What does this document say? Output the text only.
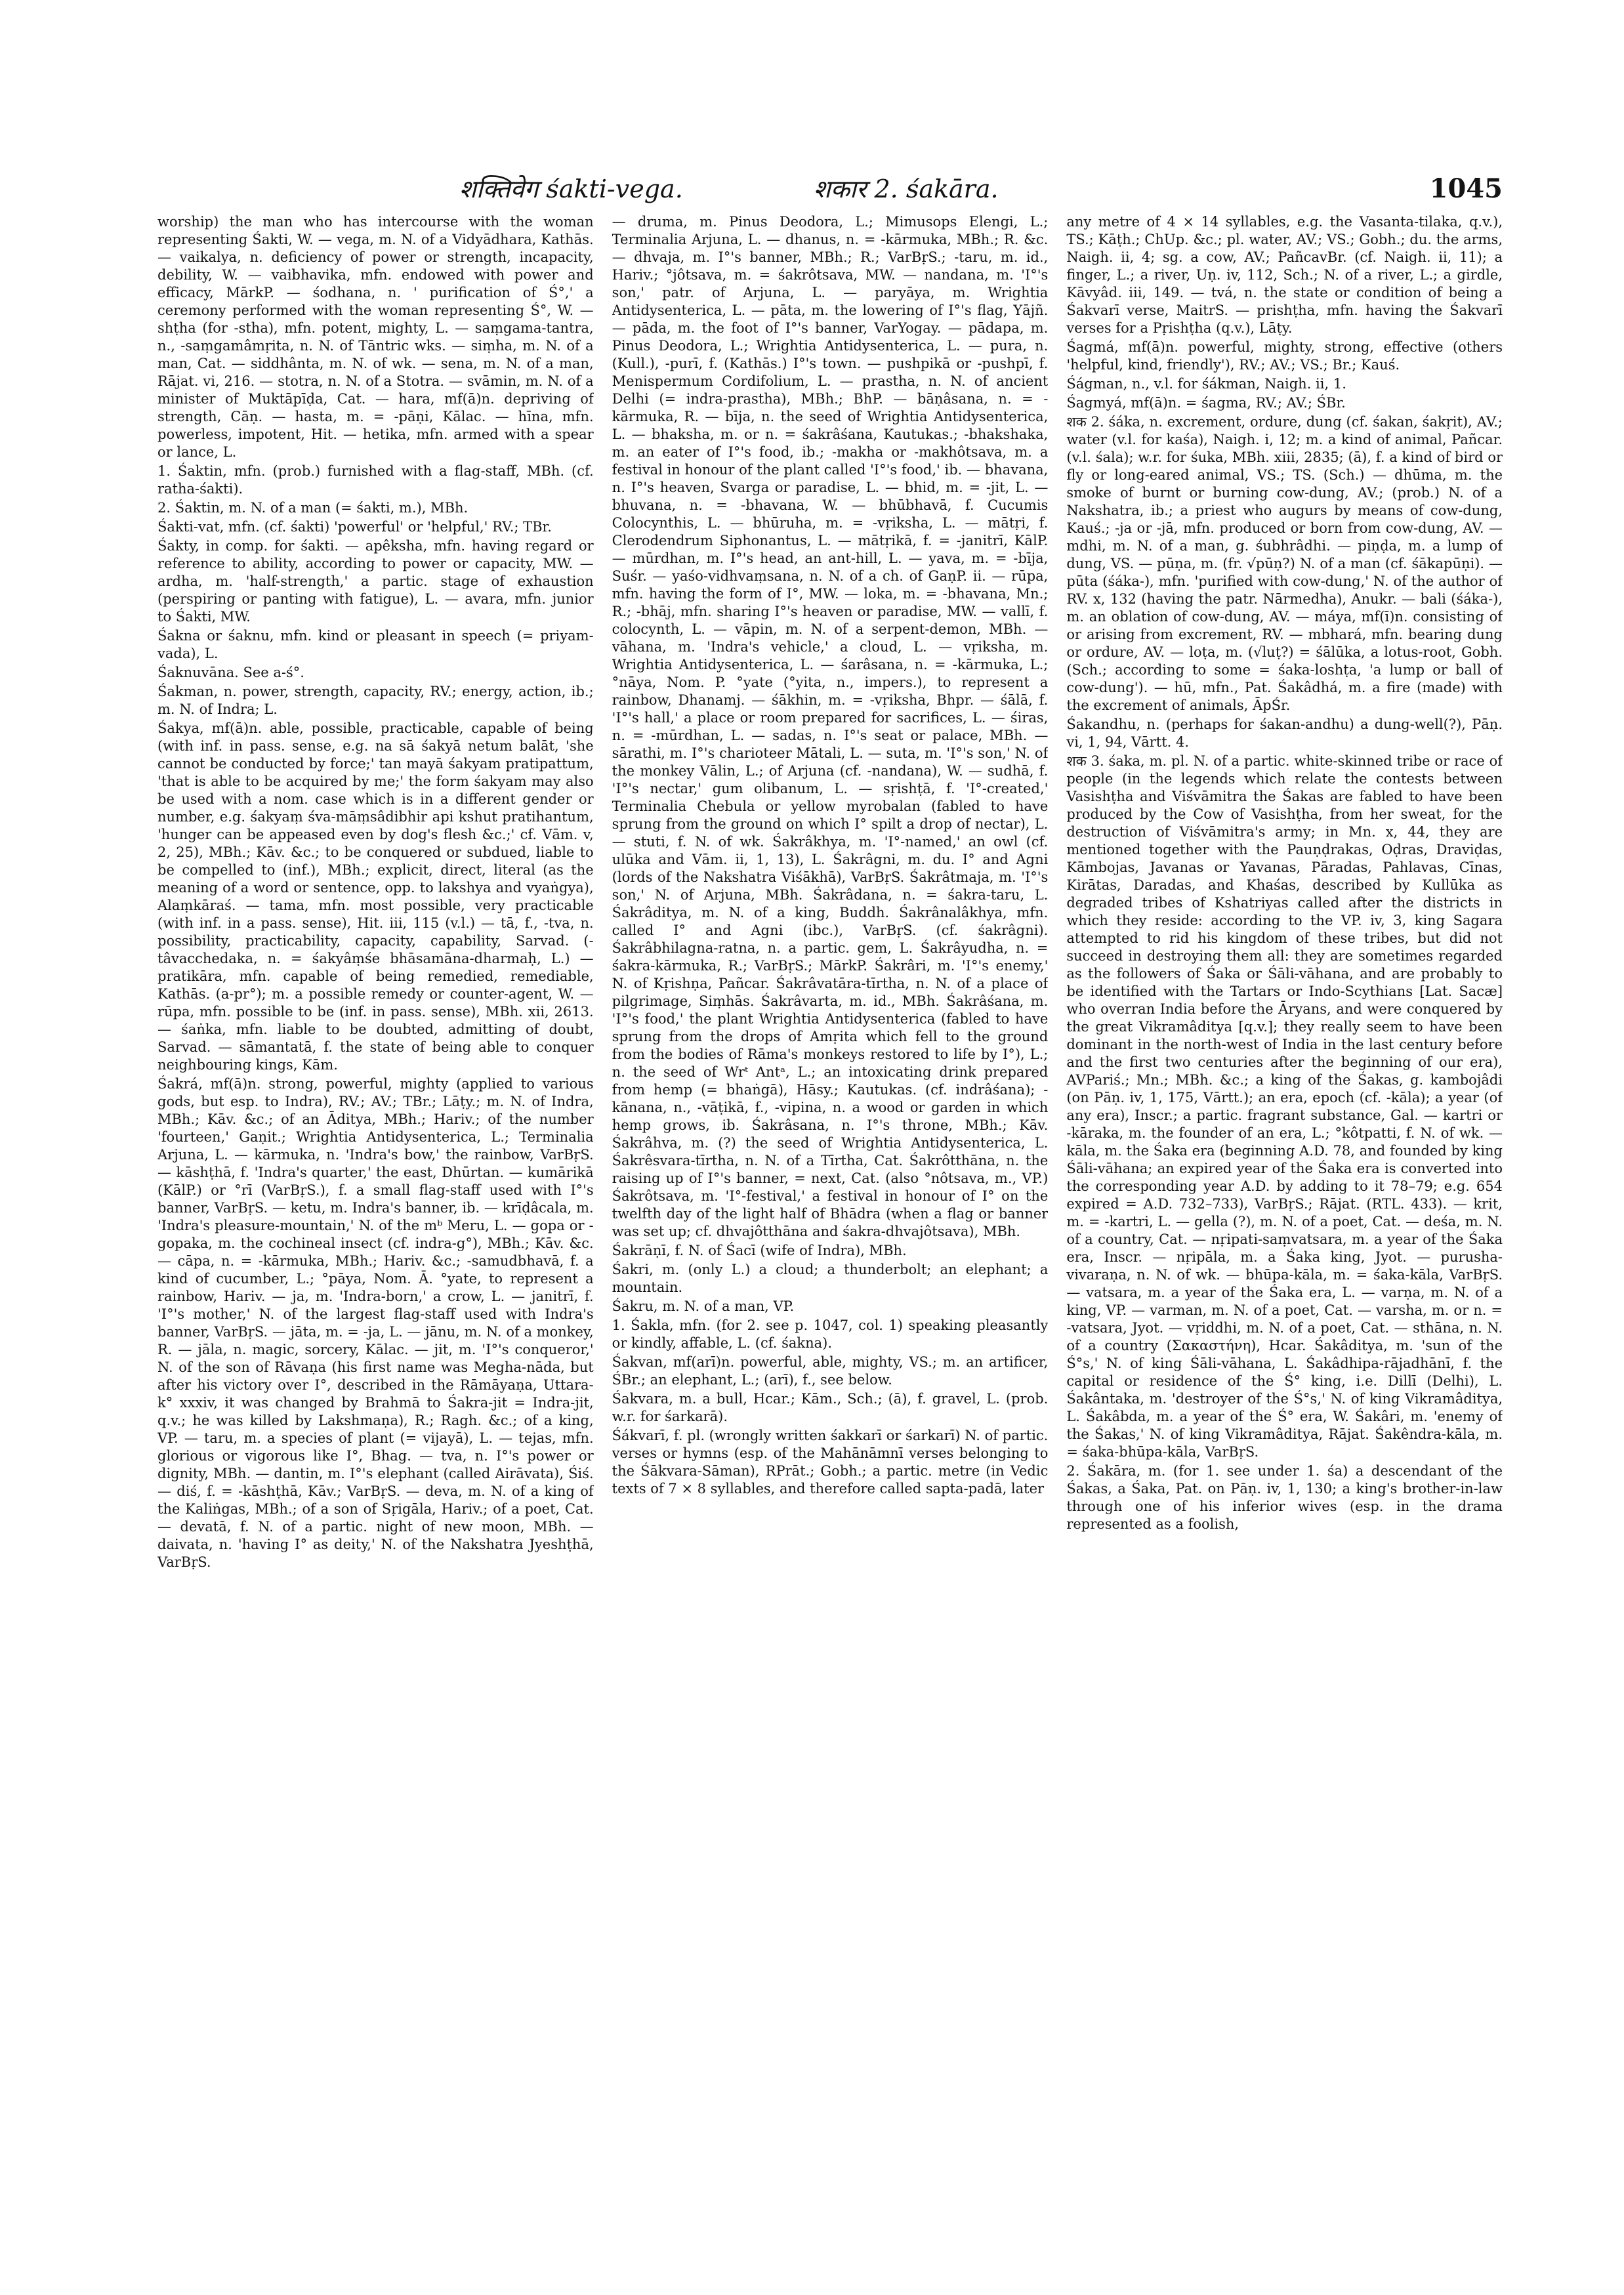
शक्तिवेग śakti-vega.	शकार 2. śakāra.	1045

worship) the man who has intercourse with the woman representing Śakti, W. — vega, m. N. of a Vidyādhara, Kathās. — vaikalya, n. deficiency of power or strength, incapacity, debility, W. — vaibhavika, mfn. endowed with power and efficacy, MārkP. — śodhana, n. ' purification of Ś°,' a ceremony performed with the woman representing Ś°, W. — shṭha (for -stha), mfn. potent, mighty, L. — saṃgama-tantra, n., -saṃgamâmṛita, n. N. of Tāntric wks. — siṃha, m. N. of a man, Cat. — siddhânta, m. N. of wk. — sena, m. N. of a man, Rājat. vi, 216. — stotra, n. N. of a Stotra. — svāmin, m. N. of a minister of Muktāpīḍa, Cat. — hara, mf(ā)n. depriving of strength, Cāṇ. — hasta, m. = -pāṇi, Kālac. — hīna, mfn. powerless, impotent, Hit. — hetika, mfn. armed with a spear or lance, L.

1. Śaktin, mfn. (prob.) furnished with a flag-staff, MBh. (cf. ratha-śakti).

2. Śaktin, m. N. of a man (= śakti, m.), MBh.

Śakti-vat, mfn. (cf. śakti) 'powerful' or 'helpful,' RV.; TBr.

Śakty, in comp. for śakti. — apêksha, mfn. having regard or reference to ability, according to power or capacity, MW. — ardha, m. 'half-strength,' a partic. stage of exhaustion (perspiring or panting with fatigue), L. — avara, mfn. junior to Śakti, MW.

Śakna or śaknu, mfn. kind or pleasant in speech (= priyam-vada), L.

Śaknuvāna. See a-ś°.

Śakman, n. power, strength, capacity, RV.; energy, action, ib.; m. N. of Indra; L.

Śakya, mf(ā)n. able, possible, practicable, capable of being (with inf. in pass. sense, e.g. na sā śakyā netum balāt, 'she cannot be conducted by force;' tan mayā śakyam pratipattum, 'that is able to be acquired by me;' the form śakyam may also be used with a nom. case which is in a different gender or number, e.g. śakyaṃ śva-māṃsâdibhir api kshut pratihantum, 'hunger can be appeased even by dog's flesh &c.;' cf. Vām. v, 2, 25), MBh.; Kāv. &c.; to be conquered or subdued, liable to be compelled to (inf.), MBh.; explicit, direct, literal (as the meaning of a word or sentence, opp. to lakshya and vyaṅgya), Alaṃkāraś. — tama, mfn. most possible, very practicable (with inf. in a pass. sense), Hit. iii, 115 (v.l.) — tā, f., -tva, n. possibility, practicability, capacity, capability, Sarvad. (-tâvacchedaka, n. = śakyâṃśe bhāsamāna-dharmaḥ, L.) — pratikāra, mfn. capable of being remedied, remediable, Kathās. (a-pr°); m. a possible remedy or counter-agent, W. — rūpa, mfn. possible to be (inf. in pass. sense), MBh. xii, 2613. — śaṅka, mfn. liable to be doubted, admitting of doubt, Sarvad. — sāmantatā, f. the state of being able to conquer neighbouring kings, Kām.

Śakrá, mf(ā)n. strong, powerful, mighty (applied to various gods, but esp. to Indra), RV.; AV.; TBr.; Lāṭy.; m. N. of Indra, MBh.; Kāv. &c.; of an Āditya, MBh.; Hariv.; of the number 'fourteen,' Gaṇit.; Wrightia Antidysenterica, L.; Terminalia Arjuna, L. — kārmuka, n. 'Indra's bow,' the rainbow, VarBṛS. — kāshṭhā, f. 'Indra's quarter,' the east, Dhūrtan. — kumārikā (KālP.) or °rī (VarBṛS.), f. a small flag-staff used with I°'s banner, VarBṛS. — ketu, m. Indra's banner, ib. — krīḍâcala, m. 'Indra's pleasure-mountain,' N. of the mᵇ Meru, L. — gopa or -gopaka, m. the cochineal insect (cf. indra-g°), MBh.; Kāv. &c. — cāpa, n. = -kārmuka, MBh.; Hariv. &c.; -samudbhavā, f. a kind of cucumber, L.; °pāya, Nom. Ā. °yate, to represent a rainbow, Hariv. — ja, m. 'Indra-born,' a crow, L. — janitrī, f. 'I°'s mother,' N. of the largest flag-staff used with Indra's banner, VarBṛS. — jāta, m. = -ja, L. — jānu, m. N. of a monkey, R. — jāla, n. magic, sorcery, Kālac. — jit, m. 'I°'s conqueror,' N. of the son of Rāvaṇa (his first name was Megha-nāda, but after his victory over I°, described in the Rāmāyaṇa, Uttara-k° xxxiv, it was changed by Brahmā to Śakra-jit = Indra-jit, q.v.; he was killed by Lakshmaṇa), R.; Ragh. &c.; of a king, VP. — taru, m. a species of plant (= vijayā), L. — tejas, mfn. glorious or vigorous like I°, Bhag. — tva, n. I°'s power or dignity, MBh. — dantin, m. I°'s elephant (called Airāvata), Śiś. — diś, f. = -kāshṭhā, Kāv.; VarBṛS. — deva, m. N. of a king of the Kaliṅgas, MBh.; of a son of Sṛigāla, Hariv.; of a poet, Cat. — devatā, f. N. of a partic. night of new moon, MBh. — daivata, n. 'having I° as deity,' N. of the Nakshatra Jyeshṭhā, VarBṛS.

— druma, m. Pinus Deodora, L.; Mimusops Elengi, L.; Terminalia Arjuna, L. — dhanus, n. = -kārmuka, MBh.; R. &c. — dhvaja, m. I°'s banner, MBh.; R.; VarBṛS.; -taru, m. id., Hariv.; °jôtsava, m. = śakrôtsava, MW. — nandana, m. 'I°'s son,' patr. of Arjuna, L. — paryāya, m. Wrightia Antidysenterica, L. — pāta, m. the lowering of I°'s flag, Yājñ. — pāda, m. the foot of I°'s banner, VarYogay. — pādapa, m. Pinus Deodora, L.; Wrightia Antidysenterica, L. — pura, n. (Kull.), -purī, f. (Kathās.) I°'s town. — pushpikā or -pushpī, f. Menispermum Cordifolium, L. — prastha, n. N. of ancient Delhi (= indra-prastha), MBh.; BhP. — bāṇâsana, n. = -kārmuka, R. — bīja, n. the seed of Wrightia Antidysenterica, L. — bhaksha, m. or n. = śakrâśana, Kautukas.; -bhakshaka, m. an eater of I°'s food, ib.; -makha or -makhôtsava, m. a festival in honour of the plant called 'I°'s food,' ib. — bhavana, n. I°'s heaven, Svarga or paradise, L. — bhid, m. = -jit, L. — bhuvana, n. = -bhavana, W. — bhūbhavā, f. Cucumis Colocynthis, L. — bhūruha, m. = -vṛiksha, L. — mātṛi, f. Clerodendrum Siphonantus, L. — mātṛikā, f. = -janitrī, KālP. — mūrdhan, m. I°'s head, an ant-hill, L. — yava, m. = -bīja, Suśr. — yaśo-vidhvaṃsana, n. N. of a ch. of GaṇP. ii. — rūpa, mfn. having the form of I°, MW. — loka, m. = -bhavana, Mn.; R.; -bhāj, mfn. sharing I°'s heaven or paradise, MW. — vallī, f. colocynth, L. — vāpin, m. N. of a serpent-demon, MBh. — vāhana, m. 'Indra's vehicle,' a cloud, L. — vṛiksha, m. Wrightia Antidysenterica, L. — śarâsana, n. = -kārmuka, L.; °nāya, Nom. P. °yate (°yita, n., impers.), to represent a rainbow, Dhanamj. — śākhin, m. = -vṛiksha, Bhpr. — śālā, f. 'I°'s hall,' a place or room prepared for sacrifices, L. — śiras, n. = -mūrdhan, L. — sadas, n. I°'s seat or palace, MBh. — sārathi, m. I°'s charioteer Mātali, L. — suta, m. 'I°'s son,' N. of the monkey Vālin, L.; of Arjuna (cf. -nandana), W. — sudhā, f. 'I°'s nectar,' gum olibanum, L. — sṛishṭā, f. 'I°-created,' Terminalia Chebula or yellow myrobalan (fabled to have sprung from the ground on which I° spilt a drop of nectar), L. — stuti, f. N. of wk. Śakrâkhya, m. 'I°-named,' an owl (cf. ulūka and Vām. ii, 1, 13), L. Śakrâgni, m. du. I° and Agni (lords of the Nakshatra Viśākhā), VarBṛS. Śakrâtmaja, m. 'I°'s son,' N. of Arjuna, MBh. Śakrâdana, n. = śakra-taru, L. Śakrâditya, m. N. of a king, Buddh. Śakrânalâkhya, mfn. called I° and Agni (ibc.), VarBṛS. (cf. śakrâgni). Śakrâbhilagna-ratna, n. a partic. gem, L. Śakrâyudha, n. = śakra-kārmuka, R.; VarBṛS.; MārkP. Śakrâri, m. 'I°'s enemy,' N. of Kṛishṇa, Pañcar. Śakrâvatāra-tīrtha, n. N. of a place of pilgrimage, Siṃhās. Śakrâvarta, m. id., MBh. Śakrâśana, m. 'I°'s food,' the plant Wrightia Antidysenterica (fabled to have sprung from the drops of Amṛita which fell to the ground from the bodies of Rāma's monkeys restored to life by I°), L.; n. the seed of Wrᵗ Antᵃ, L.; an intoxicating drink prepared from hemp (= bhaṅgā), Hāsy.; Kautukas. (cf. indrâśana); -kānana, n., -vāṭikā, f., -vipina, n. a wood or garden in which hemp grows, ib. Śakrâsana, n. I°'s throne, MBh.; Kāv. Śakrâhva, m. (?) the seed of Wrightia Antidysenterica, L. Śakrêsvara-tīrtha, n. N. of a Tīrtha, Cat. Śakrôtthāna, n. the raising up of I°'s banner, = next, Cat. (also °nôtsava, m., VP.) Śakrôtsava, m. 'I°-festival,' a festival in honour of I° on the twelfth day of the light half of Bhādra (when a flag or banner was set up; cf. dhvajôtthāna and śakra-dhvajôtsava), MBh.

Śakrāṇī, f. N. of Śacī (wife of Indra), MBh.

Śakri, m. (only L.) a cloud; a thunderbolt; an elephant; a mountain.

Śakru, m. N. of a man, VP.

1. Śakla, mfn. (for 2. see p. 1047, col. 1) speaking pleasantly or kindly, affable, L. (cf. śakna).

Śakvan, mf(arī)n. powerful, able, mighty, VS.; m. an artificer, ŚBr.; an elephant, L.; (arī), f., see below.

Śakvara, m. a bull, Hcar.; Kām., Sch.; (ā), f. gravel, L. (prob. w.r. for śarkarā).

Śákvarī, f. pl. (wrongly written śakkarī or śarkarī) N. of partic. verses or hymns (esp. of the Mahānāmnī verses belonging to the Śākvara-Sāman), RPrāt.; Gobh.; a partic. metre (in Vedic texts of 7 × 8 syllables, and therefore called sapta-padā, later

any metre of 4 × 14 syllables, e.g. the Vasanta-tilaka, q.v.), TS.; Kāṭh.; ChUp. &c.; pl. water, AV.; VS.; Gobh.; du. the arms, Naigh. ii, 4; sg. a cow, AV.; PañcavBr. (cf. Naigh. ii, 11); a finger, L.; a river, Uṇ. iv, 112, Sch.; N. of a river, L.; a girdle, Kāvyâd. iii, 149. — tvá, n. the state or condition of being a Śakvarī verse, MaitrS. — prishṭha, mfn. having the Śakvarī verses for a Pṛishṭha (q.v.), Lāṭy.

Śagmá, mf(ā)n. powerful, mighty, strong, effective (others 'helpful, kind, friendly'), RV.; AV.; VS.; Br.; Kauś.

Śágman, n., v.l. for śákman, Naigh. ii, 1.

Śagmyá, mf(ā)n. = śagma, RV.; AV.; ŚBr.

शक 2. śáka, n. excrement, ordure, dung (cf. śakan, śakṛit), AV.; water (v.l. for kaśa), Naigh. i, 12; m. a kind of animal, Pañcar. (v.l. śala); w.r. for śuka, MBh. xiii, 2835; (ā), f. a kind of bird or fly or long-eared animal, VS.; TS. (Sch.) — dhūma, m. the smoke of burnt or burning cow-dung, AV.; (prob.) N. of a Nakshatra, ib.; a priest who augurs by means of cow-dung, Kauś.; -ja or -jā, mfn. produced or born from cow-dung, AV. — mdhi, m. N. of a man, g. śubhrâdhi. — piṇḍa, m. a lump of dung, VS. — pūṇa, m. (fr. √pūṇ?) N. of a man (cf. śākapūṇi). — pūta (śáka-), mfn. 'purified with cow-dung,' N. of the author of RV. x, 132 (having the patr. Nārmedha), Anukr. — bali (śáka-), m. an oblation of cow-dung, AV. — máya, mf(ī)n. consisting of or arising from excrement, RV. — mbhará, mfn. bearing dung or ordure, AV. — loṭa, m. (√luṭ?) = śālūka, a lotus-root, Gobh. (Sch.; according to some = śaka-loshṭa, 'a lump or ball of cow-dung'). — hū, mfn., Pat. Śakâdhá, m. a fire (made) with the excrement of animals, ĀpŚr.

Śakandhu, n. (perhaps for śakan-andhu) a dung-well(?), Pāṇ. vi, 1, 94, Vārtt. 4.

शक 3. śaka, m. pl. N. of a partic. white-skinned tribe or race of people (in the legends which relate the contests between Vasishṭha and Viśvāmitra the Śakas are fabled to have been produced by the Cow of Vasishṭha, from her sweat, for the destruction of Viśvāmitra's army; in Mn. x, 44, they are mentioned together with the Pauṇḍrakas, Oḍras, Draviḍas, Kāmbojas, Javanas or Yavanas, Pāradas, Pahlavas, Cīnas, Kirātas, Daradas, and Khaśas, described by Kullūka as degraded tribes of Kshatriyas called after the districts in which they reside: according to the VP. iv, 3, king Sagara attempted to rid his kingdom of these tribes, but did not succeed in destroying them all: they are sometimes regarded as the followers of Śaka or Śāli-vāhana, and are probably to be identified with the Tartars or Indo-Scythians [Lat. Sacæ] who overran India before the Āryans, and were conquered by the great Vikramâditya [q.v.]; they really seem to have been dominant in the north-west of India in the last century before and the first two centuries after the beginning of our era), AVPariś.; Mn.; MBh. &c.; a king of the Śakas, g. kambojâdi (on Pāṇ. iv, 1, 175, Vārtt.); an era, epoch (cf. -kāla); a year (of any era), Inscr.; a partic. fragrant substance, Gal. — kartri or -kāraka, m. the founder of an era, L.; °kôtpatti, f. N. of wk. — kāla, m. the Śaka era (beginning A.D. 78, and founded by king Śāli-vāhana; an expired year of the Śaka era is converted into the corresponding year A.D. by adding to it 78–79; e.g. 654 expired = A.D. 732–733), VarBṛS.; Rājat. (RTL. 433). — krit, m. = -kartri, L. — gella (?), m. N. of a poet, Cat. — deśa, m. N. of a country, Cat. — nṛipati-saṃvatsara, m. a year of the Śaka era, Inscr. — nṛipāla, m. a Śaka king, Jyot. — purusha-vivaraṇa, n. N. of wk. — bhūpa-kāla, m. = śaka-kāla, VarBṛS. — vatsara, m. a year of the Śaka era, L. — varṇa, m. N. of a king, VP. — varman, m. N. of a poet, Cat. — varsha, m. or n. = -vatsara, Jyot. — vṛiddhi, m. N. of a poet, Cat. — sthāna, n. N. of a country (Σακαστήνη), Hcar. Śakâditya, m. 'sun of the Ś°s,' N. of king Śāli-vāhana, L. Śakâdhipa-rājadhānī, f. the capital or residence of the Ś° king, i.e. Dillī (Delhi), L. Śakântaka, m. 'destroyer of the Ś°s,' N. of king Vikramâditya, L. Śakâbda, m. a year of the Ś° era, W. Śakâri, m. 'enemy of the Śakas,' N. of king Vikramâditya, Rājat. Śakêndra-kāla, m. = śaka-bhūpa-kāla, VarBṛS.

2. Śakāra, m. (for 1. see under 1. śa) a descendant of the Śakas, a Śaka, Pat. on Pāṇ. iv, 1, 130; a king's brother-in-law through one of his inferior wives (esp. in the drama represented as a foolish,
